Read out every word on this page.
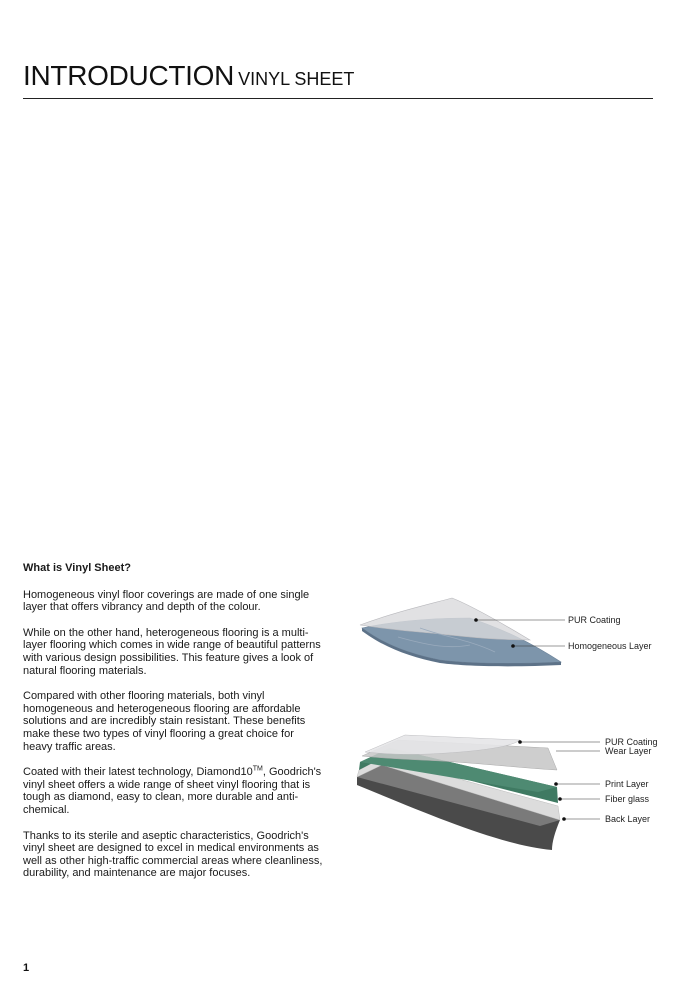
INTRODUCTION VINYL SHEET
What is Vinyl Sheet?

Homogeneous vinyl floor coverings are made of one single layer that offers vibrancy and depth of the colour.

While on the other hand, heterogeneous flooring is a multi-layer flooring which comes in wide range of beautiful patterns with various design possibilities. This feature gives a look of natural flooring materials.

Compared with other flooring materials, both vinyl homogeneous and heterogeneous flooring are affordable solutions and are incredibly stain resistant. These benefits make these two types of vinyl flooring a great choice for heavy traffic areas.

Coated with their latest technology, Diamond10™, Goodrich's vinyl sheet offers a wide range of sheet vinyl flooring that is tough as diamond, easy to clean, more durable and anti-chemical.

Thanks to its sterile and aseptic characteristics, Goodrich's vinyl sheet are designed to excel in medical environments as well as other high-traffic commercial areas where cleanliness, durability, and maintenance are major focuses.

PUR Coating
Homogeneous Layer
PUR Coating
Wear Layer
Print Layer
Fiber glass
Back Layer
1
